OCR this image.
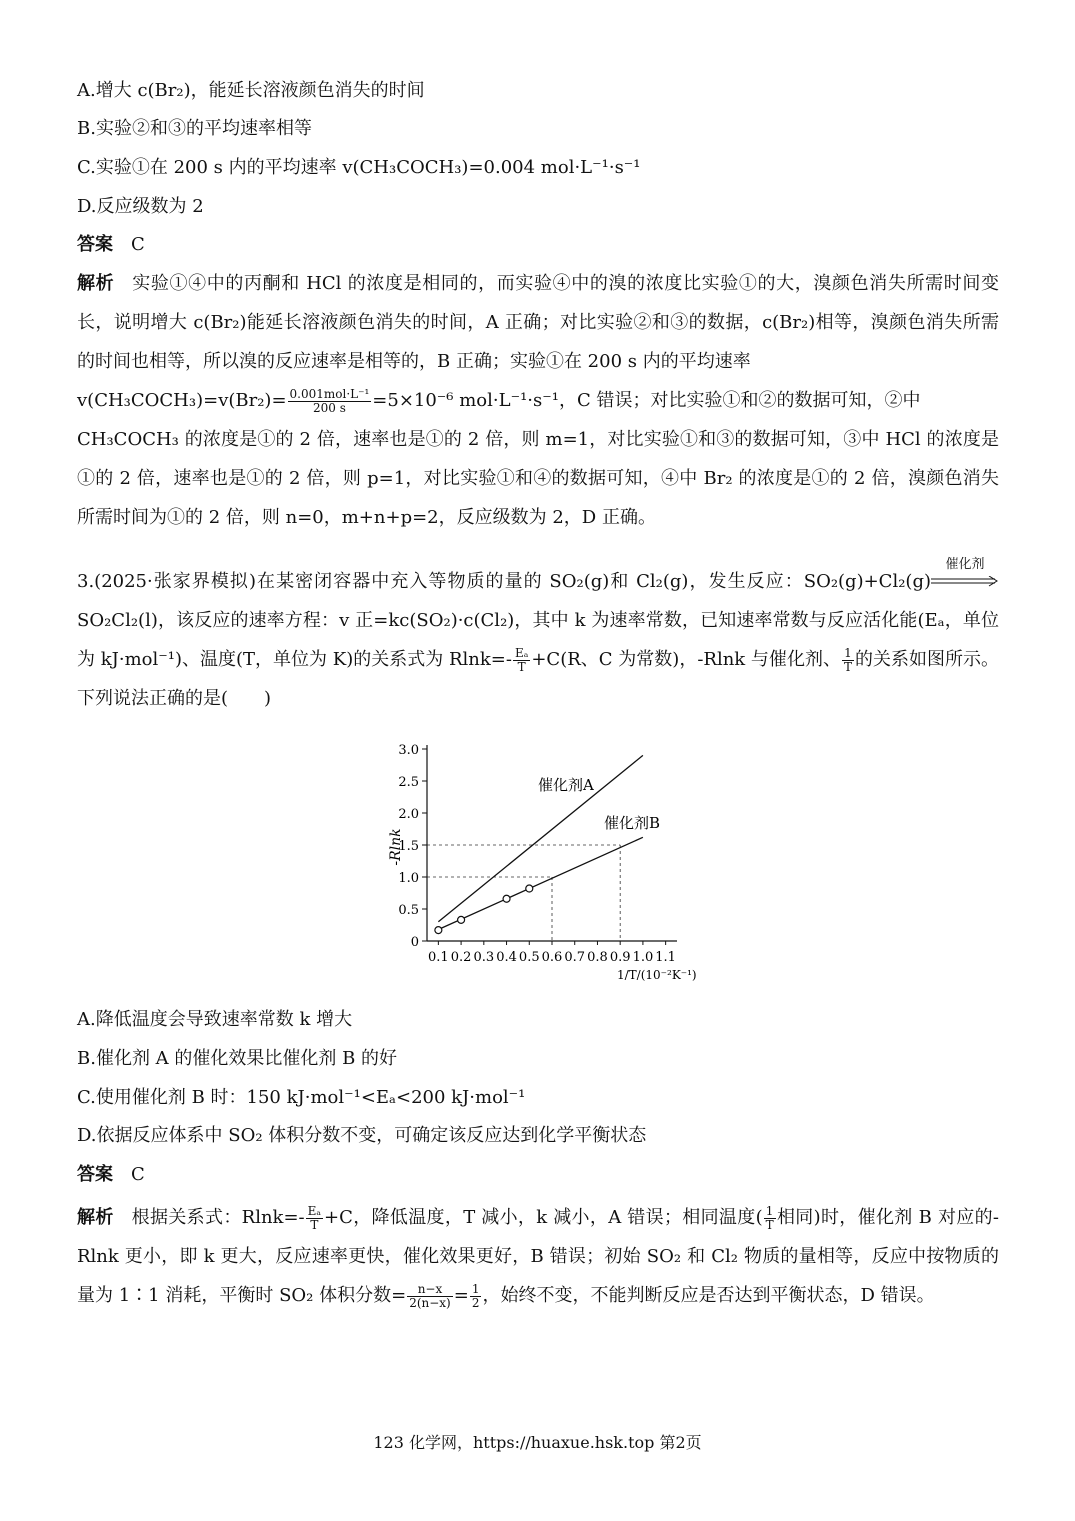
A.增大 c(Br₂)，能延长溶液颜色消失的时间
B.实验②和③的平均速率相等
C.实验①在 200 s 内的平均速率 v(CH₃COCH₃)=0.004 mol·L⁻¹·s⁻¹
D.反应级数为 2
答案 C
解析 实验①④中的丙酮和 HCl 的浓度是相同的，而实验④中的溴的浓度比实验①的大，溴颜色消失所需时间变长，说明增大 c(Br₂)能延长溶液颜色消失的时间，A 正确；对比实验②和③的数据，c(Br₂)相等，溴颜色消失所需的时间也相等，所以溴的反应速率是相等的，B 正确；实验①在 200 s 内的平均速率
v(CH₃COCH₃)=v(Br₂)= $\frac{\text{0.001mol·L⁻¹}}{200 s} =5\times 10^{-6}$ mol·L⁻¹·s⁻¹，C 错误；对比实验①和②的数据可知，②中
CH₃COCH₃ 的浓度是①的 2 倍，速率也是①的 2 倍，则 m=1，对比实验①和③的数据可知，③中 HCl 的浓度是①的 2 倍，速率也是①的 2 倍，则 p=1，对比实验①和④的数据可知，④中 Br₂ 的浓度是①的 2 倍，溴颜色消失所需时间为①的 2 倍，则 n=0，m+n+p=2，反应级数为 2，D 正确。
3.(2025·张家界模拟)在某密闭容器中充入等物质的量的 SO₂(g)和 Cl₂(g)，发生反应：SO₂(g)+Cl₂(g)
催化剂
SO₂Cl₂(l)，该反应的速率方程：v 正=kc(SO₂)·c(Cl₂)，其中 k 为速率常数，已知速率常数与反应活化能(Eₐ，单位为 kJ·mol⁻¹)、温度(T，单位为 K)的关系式为 $Rlnk=- \frac{\text{Eₐ}}{T} +C(R$、C 为常数)，-Rlnk 与催化剂、 $\frac{1}{T}$ 的关系如图所示。下列说法正确的是(　　)
0
0.5
1.0
1.5
2.0
2.5
3.0
0.1 0.2 0.3 0.4 0.5 0.6 0.7 0.8 0.9 1.0 1.1
催化剂A
催化剂B
-Rlnk
1/T/(10⁻²K⁻¹)
A.降低温度会导致速率常数 k 增大
B.催化剂 A 的催化效果比催化剂 B 的好
C.使用催化剂 B 时：150 kJ·mol⁻¹<Eₐ<200 kJ·mol⁻¹
D.依据反应体系中 SO₂ 体积分数不变，可确定该反应达到化学平衡状态
答案 C
解析 根据关系式：$Rlnk=- \frac{\text{Eₐ}}{T} +C$，降低温度，T 减小，k 减小，A 错误；相同温度( $\frac{1}{T}$ 相同)时，催化剂 B 对应的-Rlnk 更小，即 k 更大，反应速率更快，催化效果更好，B 错误；初始 SO₂ 和 Cl₂ 物质的量相等，反应中按物质的量为 1∶1 消耗，平衡时 SO₂ 体积分数= $\frac{n-x}{2(n-x)} = \frac{1}{2}$ ，始终不变，不能判断反应是否达到平衡状态，D 错误。
123 化学网，https://huaxue.hsk.top 第2页
